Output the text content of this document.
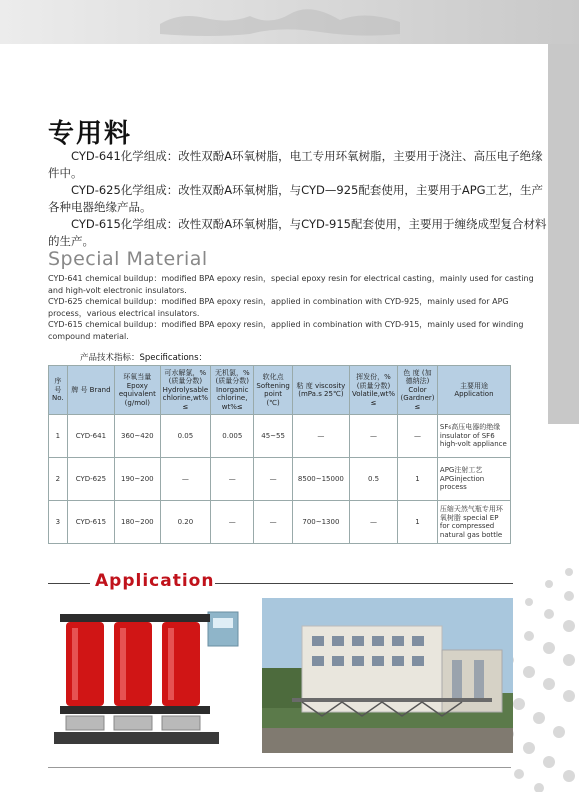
专用料

CYD-641化学组成：改性双酚A环氧树脂，电工专用环氧树脂，主要用于浇注、高压电子绝缘件中。

CYD-625化学组成：改性双酚A环氧树脂，与CYD—925配套使用，主要用于APG工艺，生产各种电器绝缘产品。

CYD-615化学组成：改性双酚A环氧树脂，与CYD-915配套使用，主要用于缠绕成型复合材料的生产。

Special Material

CYD-641 chemical buildup：modified BPA epoxy resin，special epoxy resin for electrical casting，mainly used for casting and high-volt electronic insulators.

CYD-625 chemical buildup：modified BPA epoxy resin，applied in combination with CYD-925，mainly used for APG process，various electrical insulators.

CYD-615 chemical buildup：modified BPA epoxy resin，applied in combination with CYD-915，mainly used for winding compound material.

产品技术指标：Specifications：
序号 No.	牌 号 Brand	环氧当量 Epoxy equivalent (g/mol)	可水解氯，% (质量分数) Hydrolysable chlorine,wt% ≤	无机氯，% (质量分数) Inorganic chlorine, wt%≤	软化点 Softening point (℃)	粘 度 viscosity (mPa.s 25℃)	挥发份，% (质量分数) Volatile,wt% ≤	色 度 (加德纳法) Color (Gardner) ≤	主要用途 Application
1	CYD-641	360~420	0.05	0.005	45~55	—	—	—	SF₆高压电器的绝缘 insulator of SF6 high-volt appliance
2	CYD-625	190~200	—	—	—	8500~15000	0.5	1	APG注射工艺 APGinjection process
3	CYD-615	180~200	0.20	—	—	700~1300	—	1	压缩天然气瓶专用环氧树脂 special EP for compressed natural gas bottle
Application
